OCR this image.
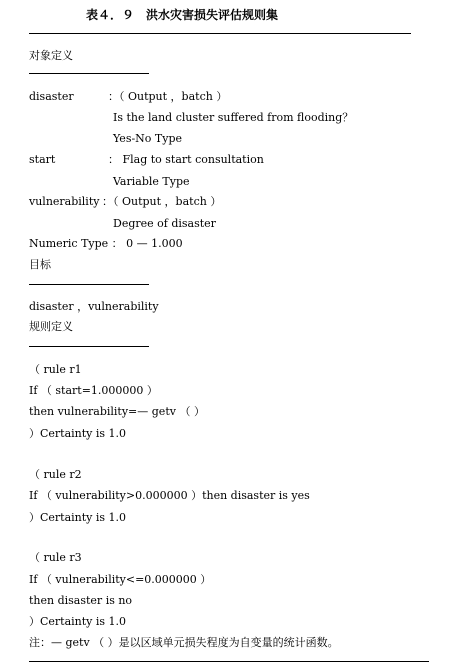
表４．９　洪水灾害损失评估规则集
对象定义
disaster	：（ Output ，batch ）
Is the land cluster suffered from flooding？
Yes-No Type
start	： Flag to start consultation
Variable Type
vulnerability ：（ Output ，batch ）
Degree of disaster
Numeric Type ： 0 — 1.000
目标
disaster ，vulnerability
规则定义
（ rule r1
If （ start=1.000000 ）
then vulnerability=— getv （ ）
）Certainty is 1.0
（ rule r2
If （ vulnerability>0.000000 ）then disaster is yes
）Certainty is 1.0
（ rule r3
If （ vulnerability<=0.000000 ）
then disaster is no
）Certainty is 1.0
注：— getv （ ）是以区域单元损失程度为自变量的统计函数。
